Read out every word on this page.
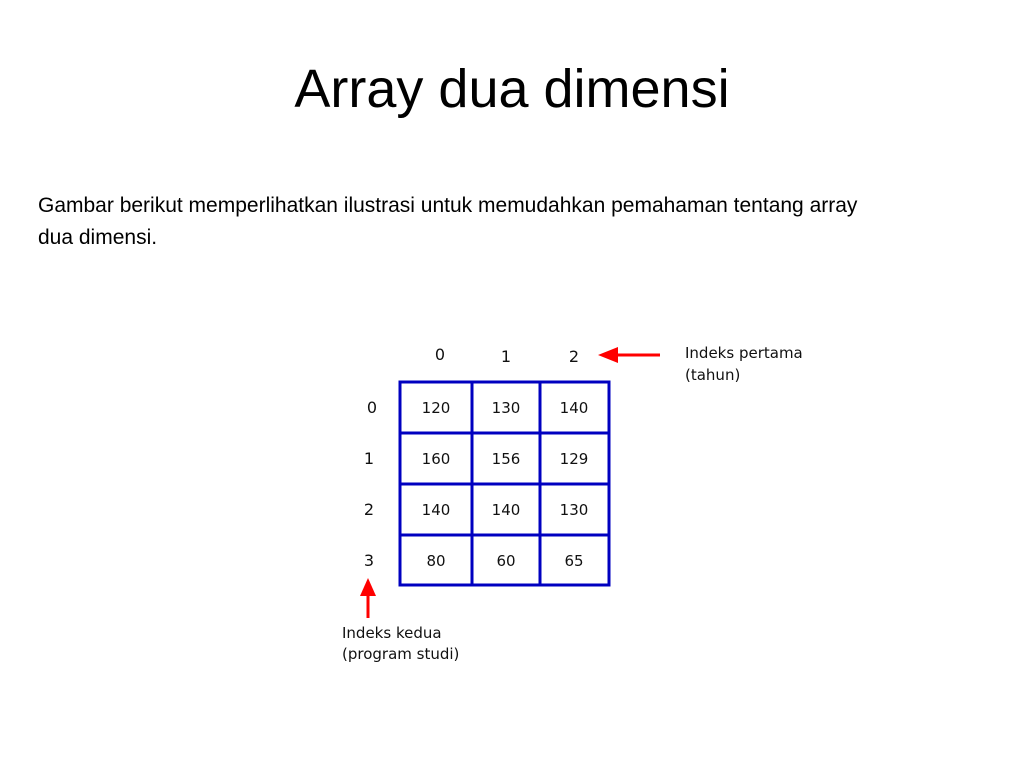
Array dua dimensi
Gambar berikut memperlihatkan ilustrasi untuk memudahkan pemahaman tentang array dua dimensi.
0	1	2
0
1
2
3
120	130	140
160	156	129
140	140	130
80	60	65
Indeks pertama
(tahun)
Indeks kedua
(program studi)
